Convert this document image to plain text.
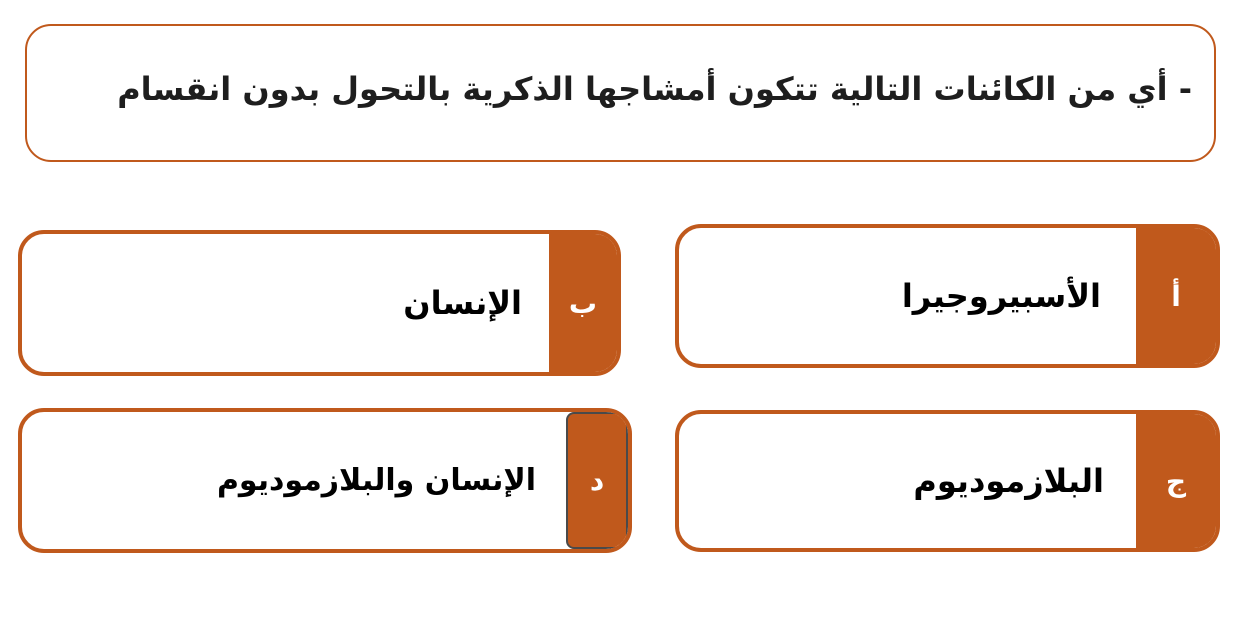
- أي من الكائنات التالية تتكون أمشاجها الذكرية بالتحول بدون انقسام
أ
الأسبيروجيرا
ب
الإنسان
ج
البلازموديوم
د
الإنسان والبلازموديوم
